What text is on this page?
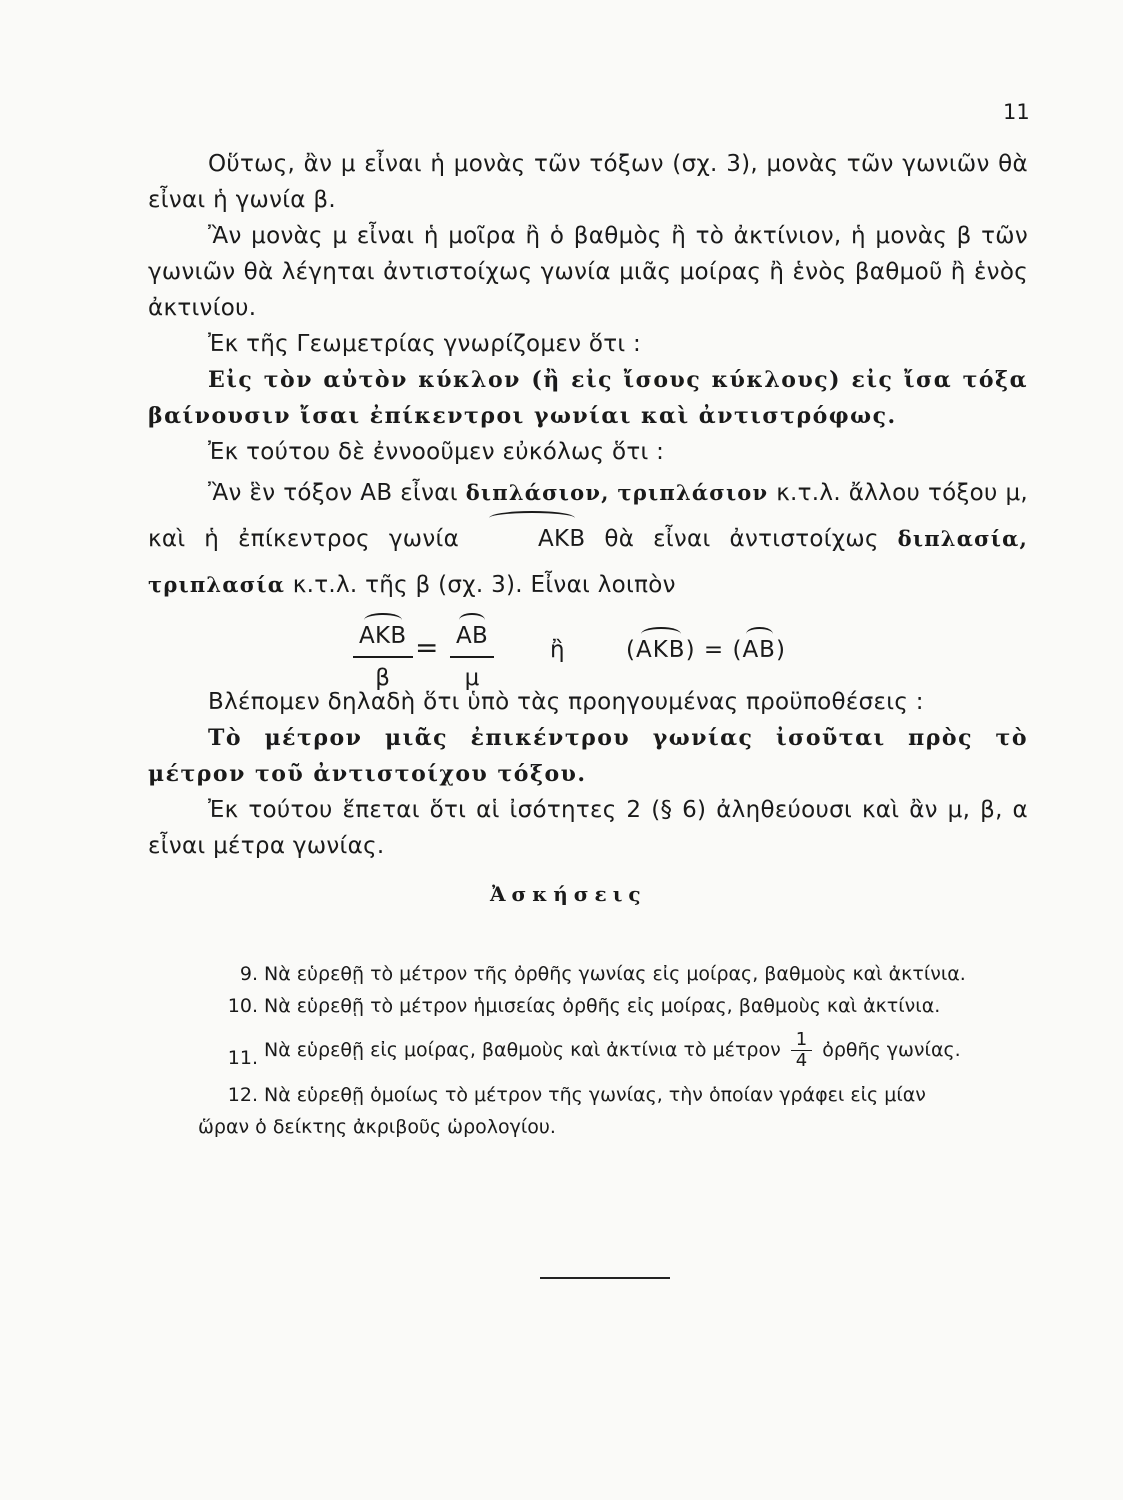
11

Οὕτως, ἂν μ εἶναι ἡ μονὰς τῶν τόξων (σχ. 3), μονὰς τῶν γωνιῶν θὰ εἶναι ἡ γωνία β.

Ἂν μονὰς μ εἶναι ἡ μοῖρα ἢ ὁ βαθμὸς ἢ τὸ ἀκτίνιον, ἡ μονὰς β τῶν γωνιῶν θὰ λέγηται ἀντιστοίχως γωνία μιᾶς μοίρας ἢ ἑνὸς βαθμοῦ ἢ ἑνὸς ἀκτινίου.

Ἐκ τῆς Γεωμετρίας γνωρίζομεν ὅτι :

Εἰς τὸν αὐτὸν κύκλον (ἢ εἰς ἴσους κύκλους) εἰς ἴσα τόξα βαίνουσιν ἴσαι ἐπίκεντροι γωνίαι καὶ ἀντιστρόφως.

Ἐκ τούτου δὲ ἐννοοῦμεν εὐκόλως ὅτι :

Ἂν ἓν τόξον ΑΒ εἶναι διπλάσιον, τριπλάσιον κ.τ.λ. ἄλλου τόξου μ, καὶ ἡ ἐπίκεντρος γωνία	ΑΚΒ θὰ εἶναι ἀντιστοίχως διπλασία, τριπλασία κ.τ.λ. τῆς β (σχ. 3). Εἶναι λοιπὸν

ΑΚΒ
β
= $\frac{AB}{\mu}$ ἢ	(ΑΚΒ) = (ΑΒ)

Βλέπομεν δηλαδὴ ὅτι ὑπὸ τὰς προηγουμένας προϋποθέσεις :

Τὸ μέτρον μιᾶς ἐπικέντρου γωνίας ἰσοῦται πρὸς τὸ μέτρον τοῦ ἀντιστοίχου τόξου.

Ἐκ τούτου ἕπεται ὅτι αἱ ἰσότητες 2 (§ 6) ἀληθεύουσι καὶ ἂν μ, β, α εἶναι μέτρα γωνίας.

Ἀσκήσεις

9. Νὰ εὑρεθῇ τὸ μέτρον τῆς ὀρθῆς γωνίας εἰς μοίρας, βαθμοὺς καὶ ἀκτίνια.

10. Νὰ εὑρεθῇ τὸ μέτρον ἡμισείας ὀρθῆς εἰς μοίρας, βαθμοὺς καὶ ἀκτίνια.

11. Νὰ εὑρεθῇ εἰς μοίρας, βαθμοὺς καὶ ἀκτίνια τὸ μέτρον $\frac{1}{4}$ ὀρθῆς γωνίας.

12. Νὰ εὑρεθῇ ὁμοίως τὸ μέτρον τῆς γωνίας, τὴν ὁποίαν γράφει εἰς μίαν
ὥραν ὁ δείκτης ἀκριβοῦς ὡρολογίου.
